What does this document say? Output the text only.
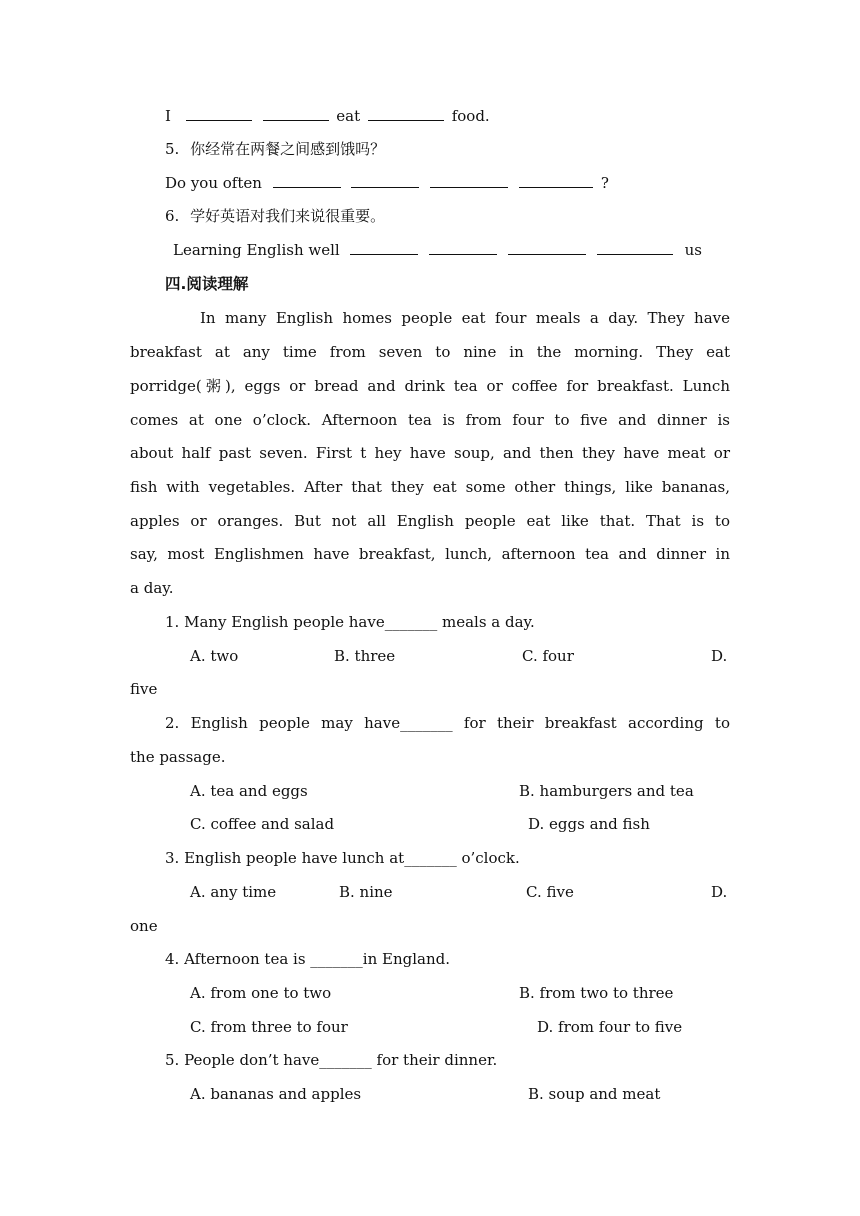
I	eat	food.
5. 你经常在两餐之间感到饿吗？
Do you often	?
6. 学好英语对我们来说很重要。
Learning English well	us
四.阅读理解
In many English homes people eat four meals a day. They have
breakfast at any time from seven to nine in the morning. They eat
porridge(粥), eggs or bread and drink tea or coffee for breakfast. Lunch
comes at one o’clock. Afternoon tea is from four to five and dinner is
about half past seven. First t hey have soup, and then they have meat or
fish with vegetables. After that they eat some other things, like bananas,
apples or oranges. But not all English people eat like that. That is to
say, most Englishmen have breakfast, lunch, afternoon tea and dinner in
a day.
1. Many English people have_______ meals a day.
A. two	B. three	C. four	D.
five
2. English people may have_______ for their breakfast according to
the passage.
A. tea and eggs	B. hamburgers and tea
C. coffee and salad	D. eggs and fish
3. English people have lunch at_______ o’clock.
A. any time	B. nine	C. five	D.
one
4. Afternoon tea is _______in England.
A. from one to two	B. from two to three
C. from three to four	D. from four to five
5. People don’t have_______ for their dinner.
A. bananas and apples	B. soup and meat
